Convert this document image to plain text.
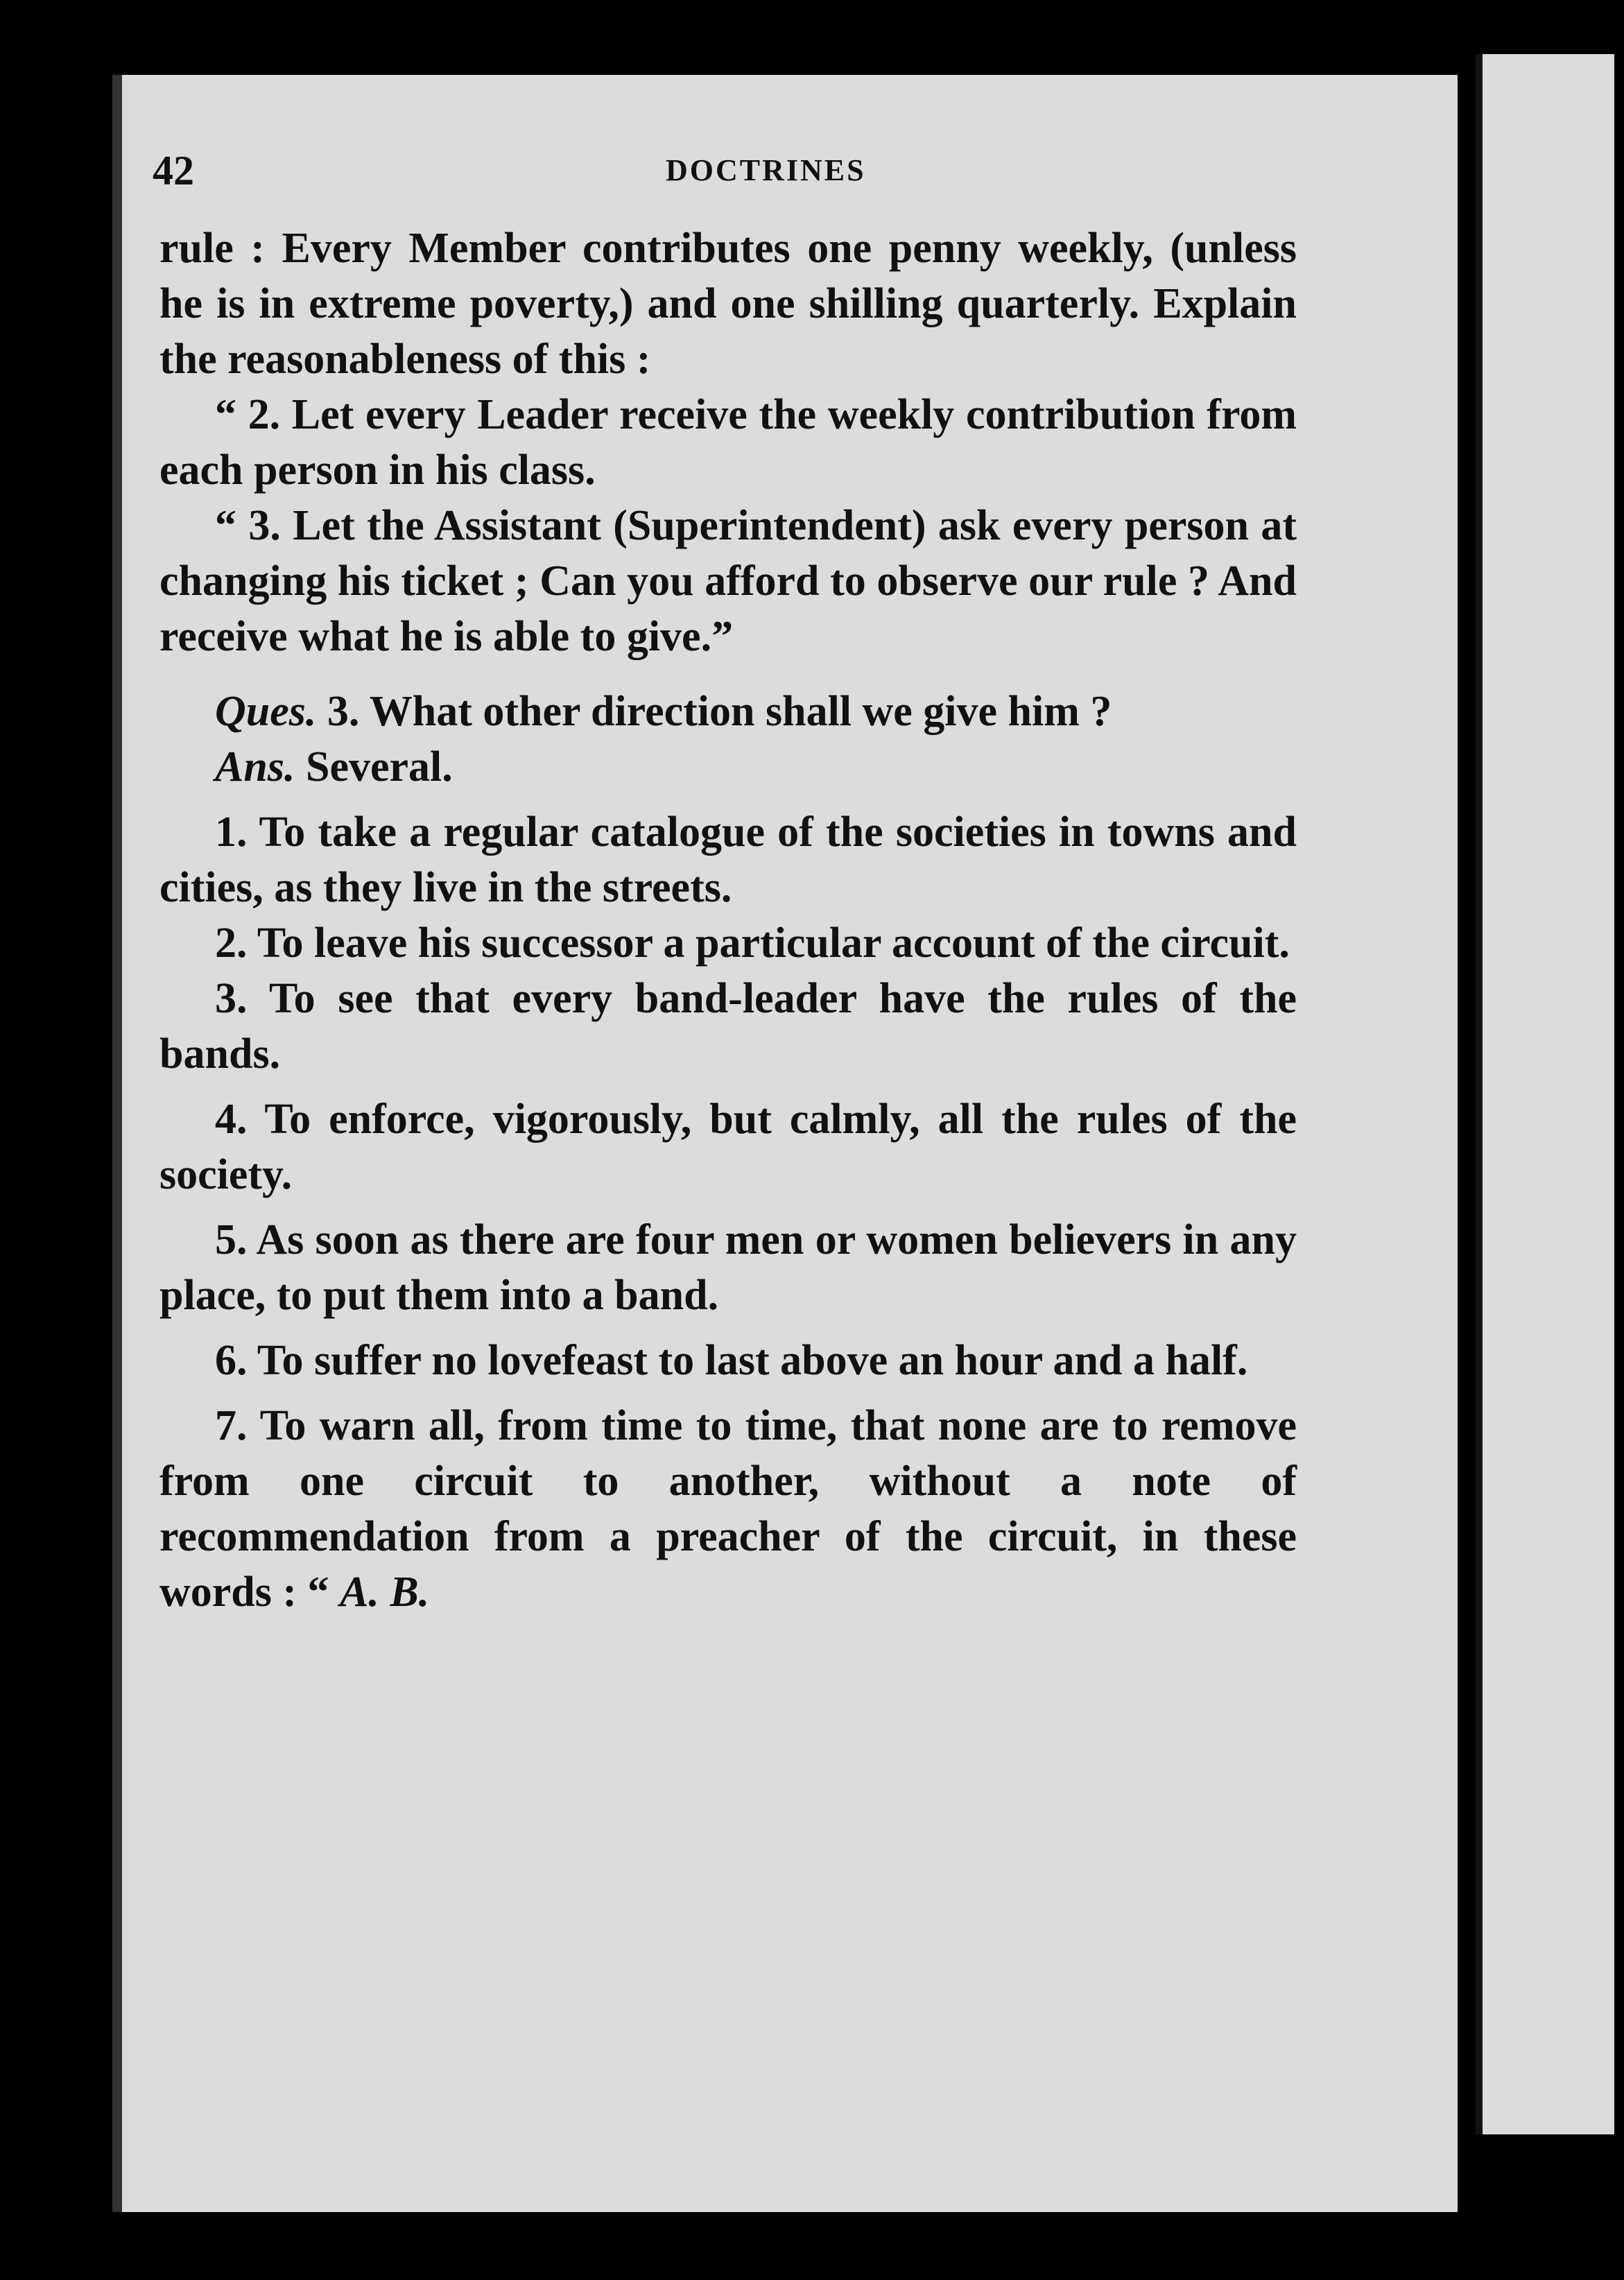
42	DOCTRINES

rule : Every Member contributes one penny weekly, (unless he is in extreme poverty,) and one shilling quarterly. Explain the reasonableness of this :

“ 2. Let every Leader receive the weekly contribution from each person in his class.

“ 3. Let the Assistant (Superintendent) ask every person at changing his ticket ; Can you afford to observe our rule ? And receive what he is able to give.”

Ques. 3. What other direction shall we give him ?

Ans. Several.

1. To take a regular catalogue of the societies in towns and cities, as they live in the streets.

2. To leave his successor a particular account of the circuit.

3. To see that every band-leader have the rules of the bands.

4. To enforce, vigorously, but calmly, all the rules of the society.

5. As soon as there are four men or women believers in any place, to put them into a band.

6. To suffer no lovefeast to last above an hour and a half.

7. To warn all, from time to time, that none are to remove from one circuit to another, without a note of recommendation from a preacher of the circuit, in these words : “ A. B.
